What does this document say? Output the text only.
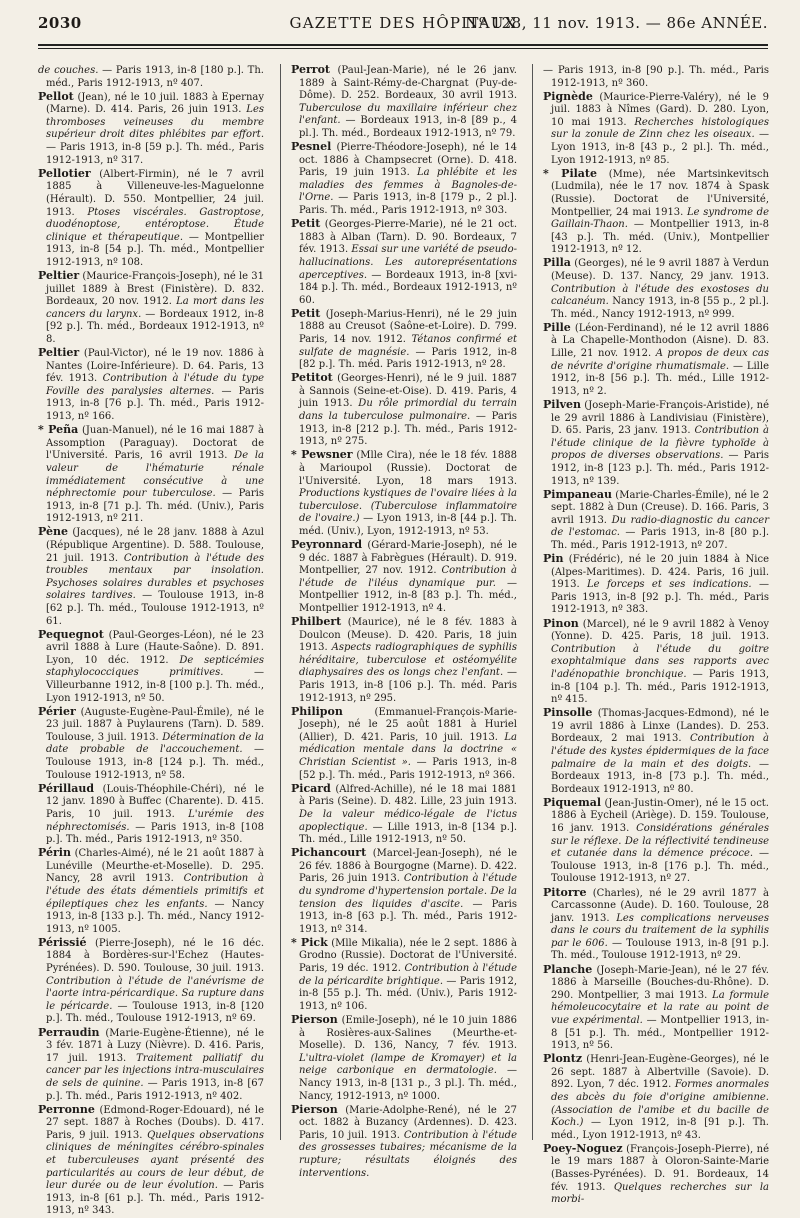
2030	GAZETTE DES HÔPITAUX
Nº 128, 11 nov. 1913. — 86e ANNÉE.

de couches. — Paris 1913, in-8 [180 p.]. Th. méd., Paris 1912-1913, nº 407.

Pellot (Jean), né le 10 juil. 1883 à Epernay (Marne). D. 414. Paris, 26 juin 1913. Les thromboses veineuses du membre supérieur droit dites phlébites par effort. — Paris 1913, in-8 [59 p.]. Th. méd., Paris 1912-1913, nº 317.

Pellotier (Albert-Firmin), né le 7 avril 1885 à Villeneuve-les-Maguelonne (Hérault). D. 550. Montpellier, 24 juil. 1913. Ptoses viscérales. Gastroptose, duodénoptose, entéroptose. Étude clinique et thérapeutique. — Montpellier 1913, in-8 [54 p.]. Th. méd., Montpellier 1912-1913, nº 108.

Peltier (Maurice-François-Joseph), né le 31 juillet 1889 à Brest (Finistère). D. 832. Bordeaux, 20 nov. 1912. La mort dans les cancers du larynx. — Bordeaux 1912, in-8 [92 p.]. Th. méd., Bordeaux 1912-1913, nº 8.

Peltier (Paul-Victor), né le 19 nov. 1886 à Nantes (Loire-Inférieure). D. 64. Paris, 13 fév. 1913. Contribution à l'étude du type Foville des paralysies alternes. — Paris 1913, in-8 [76 p.]. Th. méd., Paris 1912-1913, nº 166.

* Peña (Juan-Manuel), né le 16 mai 1887 à Assomption (Paraguay). Doctorat de l'Université. Paris, 16 avril 1913. De la valeur de l'hématurie rénale immédiatement consécutive à une néphrectomie pour tuberculose. — Paris 1913, in-8 [71 p.]. Th. méd. (Univ.), Paris 1912-1913, nº 211.

Pène (Jacques), né le 28 janv. 1888 à Azul (République Argentine). D. 588. Toulouse, 21 juil. 1913. Contribution à l'étude des troubles mentaux par insolation. Psychoses solaires durables et psychoses solaires tardives. — Toulouse 1913, in-8 [62 p.]. Th. méd., Toulouse 1912-1913, nº 61.

Pequegnot (Paul-Georges-Léon), né le 23 avril 1888 à Lure (Haute-Saône). D. 891. Lyon, 10 déc. 1912. De septicémies staphylococciques primitives. — Villeurbanne 1912, in-8 [100 p.]. Th. méd., Lyon 1912-1913, nº 50.

Périer (Auguste-Eugène-Paul-Émile), né le 23 juil. 1887 à Puylaurens (Tarn). D. 589. Toulouse, 3 juil. 1913. Détermination de la date probable de l'accouchement. — Toulouse 1913, in-8 [124 p.]. Th. méd., Toulouse 1912-1913, nº 58.

Périllaud (Louis-Théophile-Chéri), né le 12 janv. 1890 à Buffec (Charente). D. 415. Paris, 10 juil. 1913. L'urémie des néphrectomisés. — Paris 1913, in-8 [108 p.]. Th. méd., Paris 1912-1913, nº 350.

Périn (Charles-Aimé), né le 21 août 1887 à Lunéville (Meurthe-et-Moselle). D. 295. Nancy, 28 avril 1913. Contribution à l'étude des états démentiels primitifs et épileptiques chez les enfants. — Nancy 1913, in-8 [133 p.]. Th. méd., Nancy 1912-1913, nº 1005.

Périssié (Pierre-Joseph), né le 16 déc. 1884 à Bordères-sur-l'Echez (Hautes-Pyrénées). D. 590. Toulouse, 30 juil. 1913. Contribution à l'étude de l'anévrisme de l'aorte intra-péricardique. Sa rupture dans le péricarde. — Toulouse 1913, in-8 [120 p.]. Th. méd., Toulouse 1912-1913, nº 69.

Perraudin (Marie-Eugène-Étienne), né le 3 fév. 1871 à Luzy (Nièvre). D. 416. Paris, 17 juil. 1913. Traitement palliatif du cancer par les injections intra-musculaires de sels de quinine. — Paris 1913, in-8 [67 p.]. Th. méd., Paris 1912-1913, nº 402.

Perronne (Edmond-Roger-Edouard), né le 27 sept. 1887 à Roches (Doubs). D. 417. Paris, 9 juil. 1913. Quelques observations cliniques de méningites cérébro-spinales et tuberculeuses ayant présenté des particularités au cours de leur début, de leur durée ou de leur évolution. — Paris 1913, in-8 [61 p.]. Th. méd., Paris 1912-1913, nº 343.

Perrot (Paul-Jean-Marie), né le 26 janv. 1889 à Saint-Rémy-de-Chargnat (Puy-de-Dôme). D. 252. Bordeaux, 30 avril 1913. Tuberculose du maxillaire inférieur chez l'enfant. — Bordeaux 1913, in-8 [89 p., 4 pl.]. Th. méd., Bordeaux 1912-1913, nº 79.

Pesnel (Pierre-Théodore-Joseph), né le 14 oct. 1886 à Champsecret (Orne). D. 418. Paris, 19 juin 1913. La phlébite et les maladies des femmes à Bagnoles-de-l'Orne. — Paris 1913, in-8 [179 p., 2 pl.]. Paris. Th. méd., Paris 1912-1913, nº 303.

Petit (Georges-Pierre-Marie), né le 21 oct. 1883 à Alban (Tarn). D. 90. Bordeaux, 7 fév. 1913. Essai sur une variété de pseudo-hallucinations. Les autoreprésentations aperceptives. — Bordeaux 1913, in-8 [xvi-184 p.]. Th. méd., Bordeaux 1912-1913, nº 60.

Petit (Joseph-Marius-Henri), né le 29 juin 1888 au Creusot (Saône-et-Loire). D. 799. Paris, 14 nov. 1912. Tétanos confirmé et sulfate de magnésie. — Paris 1912, in-8 [82 p.]. Th. méd. Paris 1912-1913, nº 28.

Petitot (Georges-Henri), né le 9 juil. 1887 à Sannois (Seine-et-Oise). D. 419. Paris, 4 juin 1913. Du rôle primordial du terrain dans la tuberculose pulmonaire. — Paris 1913, in-8 [212 p.]. Th. méd., Paris 1912-1913, nº 275.

* Pewsner (Mlle Cira), née le 18 fév. 1888 à Marioupol (Russie). Doctorat de l'Université. Lyon, 18 mars 1913. Productions kystiques de l'ovaire liées à la tuberculose. (Tuberculose inflammatoire de l'ovaire.) — Lyon 1913, in-8 [44 p.]. Th. méd. (Univ.), Lyon, 1912-1913, nº 53.

Peyronnard (Gérard-Marie-Joseph), né le 9 déc. 1887 à Fabrègues (Hérault). D. 919. Montpellier, 27 nov. 1912. Contribution à l'étude de l'iléus dynamique pur. — Montpellier 1912, in-8 [83 p.]. Th. méd., Montpellier 1912-1913, nº 4.

Philbert (Maurice), né le 8 fév. 1883 à Doulcon (Meuse). D. 420. Paris, 18 juin 1913. Aspects radiographiques de syphilis héréditaire, tuberculose et ostéomyélite diaphysaires des os longs chez l'enfant. — Paris 1913, in-8 [106 p.]. Th. méd. Paris 1912-1913, nº 295.

Philipon (Emmanuel-François-Marie-Joseph), né le 25 août 1881 à Huriel (Allier), D. 421. Paris, 10 juil. 1913. La médication mentale dans la doctrine « Christian Scientist ». — Paris 1913, in-8 [52 p.]. Th. méd., Paris 1912-1913, nº 366.

Picard (Alfred-Achille), né le 18 mai 1881 à Paris (Seine). D. 482. Lille, 23 juin 1913. De la valeur médico-légale de l'ictus apoplectique. — Lille 1913, in-8 [134 p.]. Th. méd., Lille 1912-1913, nº 50.

Pichancourt (Marcel-Jean-Joseph), né le 26 fév. 1886 à Bourgogne (Marne). D. 422. Paris, 26 juin 1913. Contribution à l'étude du syndrome d'hypertension portale. De la tension des liquides d'ascite. — Paris 1913, in-8 [63 p.]. Th. méd., Paris 1912-1913, nº 314.

* Pick (Mlle Mikalia), née le 2 sept. 1886 à Grodno (Russie). Doctorat de l'Université. Paris, 19 déc. 1912. Contribution à l'étude de la péricardite brightique. — Paris 1912, in-8 [55 p.]. Th. méd. (Univ.), Paris 1912-1913, nº 106.

Pierson (Emile-Joseph), né le 10 juin 1886 à Rosières-aux-Salines (Meurthe-et-Moselle). D. 136, Nancy, 7 fév. 1913. L'ultra-violet (lampe de Kromayer) et la neige carbonique en dermatologie. — Nancy 1913, in-8 [131 p., 3 pl.]. Th. méd., Nancy, 1912-1913, nº 1000.

Pierson (Marie-Adolphe-René), né le 27 oct. 1882 à Buzancy (Ardennes). D. 423. Paris, 10 juil. 1913. Contribution à l'étude des grossesses tubaires; mécanisme de la rupture; résultats éloignés des interventions.

— Paris 1913, in-8 [90 p.]. Th. méd., Paris 1912-1913, nº 360.

Pignède (Maurice-Pierre-Valéry), né le 9 juil. 1883 à Nîmes (Gard). D. 280. Lyon, 10 mai 1913. Recherches histologiques sur la zonule de Zinn chez les oiseaux. — Lyon 1913, in-8 [43 p., 2 pl.]. Th. méd., Lyon 1912-1913, nº 85.

* Pilate (Mme), née Martsinkevitsch (Ludmila), née le 17 nov. 1874 à Spask (Russie). Doctorat de l'Université, Montpellier, 24 mai 1913. Le syndrome de Gaillain-Thaon. — Montpellier 1913, in-8 [43 p.]. Th. méd. (Univ.), Montpellier 1912-1913, nº 12.

Pilla (Georges), né le 9 avril 1887 à Verdun (Meuse). D. 137. Nancy, 29 janv. 1913. Contribution à l'étude des exostoses du calcanéum. Nancy 1913, in-8 [55 p., 2 pl.]. Th. méd., Nancy 1912-1913, nº 999.

Pille (Léon-Ferdinand), né le 12 avril 1886 à La Chapelle-Monthodon (Aisne). D. 83. Lille, 21 nov. 1912. A propos de deux cas de névrite d'origine rhumatismale. — Lille 1912, in-8 [56 p.]. Th. méd., Lille 1912-1913, nº 2.

Pilven (Joseph-Marie-François-Aristide), né le 29 avril 1886 à Landivisiau (Finistère), D. 65. Paris, 23 janv. 1913. Contribution à l'étude clinique de la fièvre typhoïde à propos de diverses observations. — Paris 1912, in-8 [123 p.]. Th. méd., Paris 1912-1913, nº 139.

Pimpaneau (Marie-Charles-Émile), né le 2 sept. 1882 à Dun (Creuse). D. 166. Paris, 3 avril 1913. Du radio-diagnostic du cancer de l'estomac. — Paris 1913, in-8 [80 p.]. Th. méd., Paris 1912-1913, nº 207.

Pin (Frédéric), né le 20 juin 1884 à Nice (Alpes-Maritimes). D. 424. Paris, 16 juil. 1913. Le forceps et ses indications. — Paris 1913, in-8 [92 p.]. Th. méd., Paris 1912-1913, nº 383.

Pinon (Marcel), né le 9 avril 1882 à Venoy (Yonne). D. 425. Paris, 18 juil. 1913. Contribution à l'étude du goitre exophtalmique dans ses rapports avec l'adénopathie bronchique. — Paris 1913, in-8 [104 p.]. Th. méd., Paris 1912-1913, nº 415.

Pinsolle (Thomas-Jacques-Edmond), né le 19 avril 1886 à Linxe (Landes). D. 253. Bordeaux, 2 mai 1913. Contribution à l'étude des kystes épidermiques de la face palmaire de la main et des doigts. — Bordeaux 1913, in-8 [73 p.]. Th. méd., Bordeaux 1912-1913, nº 80.

Piquemal (Jean-Justin-Omer), né le 15 oct. 1886 à Eycheil (Ariège). D. 159. Toulouse, 16 janv. 1913. Considérations générales sur le réflexe. De la réflectivité tendineuse et cutanée dans la démence précoce. — Toulouse 1913, in-8 [176 p.]. Th. méd., Toulouse 1912-1913, nº 27.

Pitorre (Charles), né le 29 avril 1877 à Carcassonne (Aude). D. 160. Toulouse, 28 janv. 1913. Les complications nerveuses dans le cours du traitement de la syphilis par le 606. — Toulouse 1913, in-8 [91 p.]. Th. méd., Toulouse 1912-1913, nº 29.

Planche (Joseph-Marie-Jean), né le 27 fév. 1886 à Marseille (Bouches-du-Rhône). D. 290. Montpellier, 3 mai 1913. La formule hémoleucocytaire et la rate au point de vue expérimental. — Montpellier 1913, in-8 [51 p.]. Th. méd., Montpellier 1912-1913, nº 56.

Plontz (Henri-Jean-Eugène-Georges), né le 26 sept. 1887 à Albertville (Savoie). D. 892. Lyon, 7 déc. 1912. Formes anormales des abcès du foie d'origine amibienne. (Association de l'amibe et du bacille de Koch.) — Lyon 1912, in-8 [91 p.]. Th. méd., Lyon 1912-1913, nº 43.

Poey-Noguez (François-Joseph-Pierre), né le 19 mars 1887 à Oloron-Sainte-Marie (Basses-Pyrénées). D. 91. Bordeaux, 14 fév. 1913. Quelques recherches sur la morbi-
